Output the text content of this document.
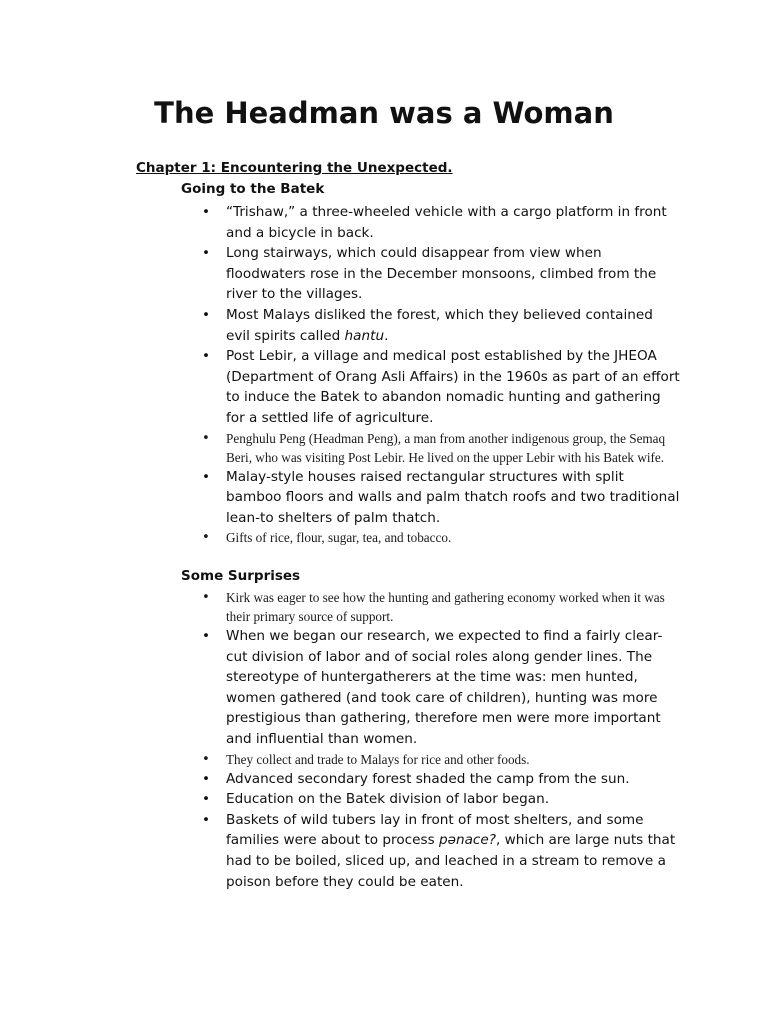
The Headman was a Woman
Chapter 1: Encountering the Unexpected.
Going to the Batek
• “Trishaw,” a three-wheeled vehicle with a cargo platform in front and a bicycle in back.
• Long stairways, which could disappear from view when floodwaters rose in the December monsoons, climbed from the river to the villages.
• Most Malays disliked the forest, which they believed contained evil spirits called hantu.
• Post Lebir, a village and medical post established by the JHEOA (Department of Orang Asli Affairs) in the 1960s as part of an effort to induce the Batek to abandon nomadic hunting and gathering for a settled life of agriculture.
• Penghulu Peng (Headman Peng), a man from another indigenous group, the Semaq Beri, who was visiting Post Lebir. He lived on the upper Lebir with his Batek wife.
• Malay-style houses raised rectangular structures with split bamboo floors and walls and palm thatch roofs and two traditional lean-to shelters of palm thatch.
• Gifts of rice, flour, sugar, tea, and tobacco.
Some Surprises
• Kirk was eager to see how the hunting and gathering economy worked when it was their primary source of support.
• When we began our research, we expected to find a fairly clear-cut division of labor and of social roles along gender lines. The stereotype of huntergatherers at the time was: men hunted, women gathered (and took care of children), hunting was more prestigious than gathering, therefore men were more important and influential than women.
• They collect and trade to Malays for rice and other foods.
• Advanced secondary forest shaded the camp from the sun.
• Education on the Batek division of labor began.
• Baskets of wild tubers lay in front of most shelters, and some families were about to process pənace?, which are large nuts that had to be boiled, sliced up, and leached in a stream to remove a poison before they could be eaten.
